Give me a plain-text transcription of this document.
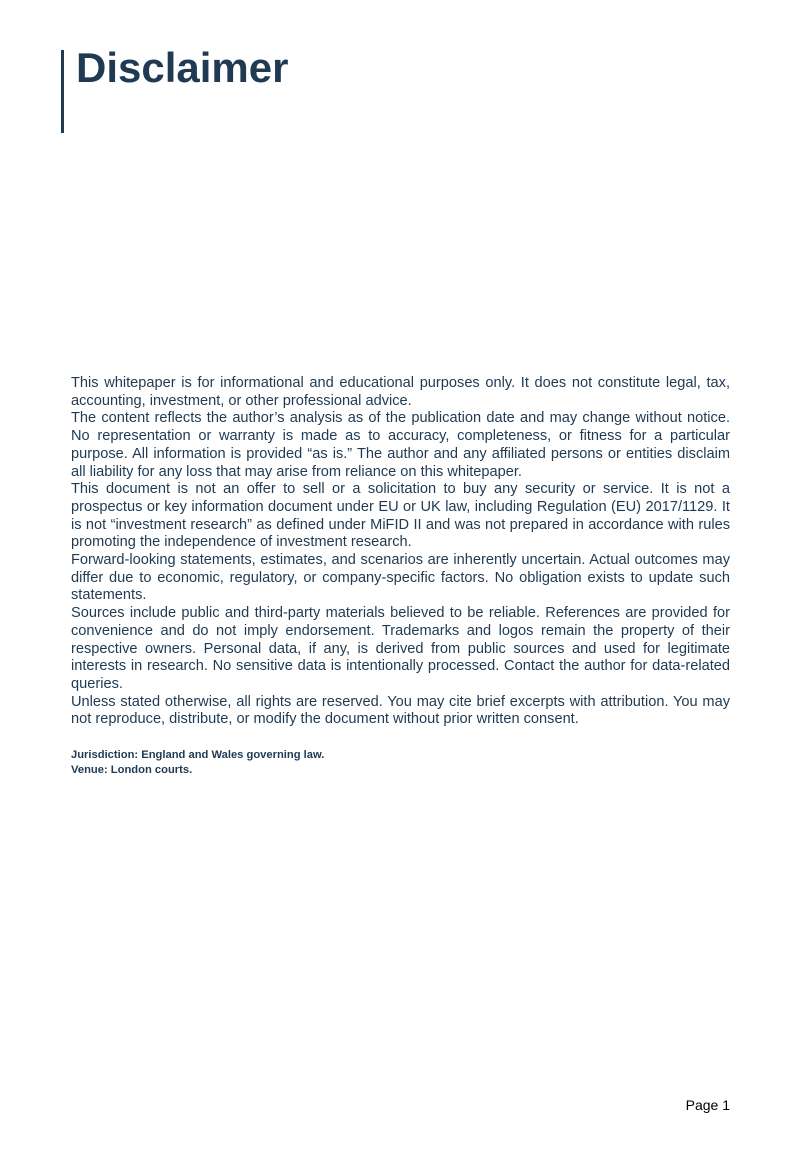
Disclaimer

This whitepaper is for informational and educational purposes only. It does not constitute legal, tax, accounting, investment, or other professional advice.

The content reflects the author’s analysis as of the publication date and may change without notice. No representation or warranty is made as to accuracy, completeness, or fitness for a particular purpose. All information is provided “as is.” The author and any affiliated persons or entities disclaim all liability for any loss that may arise from reliance on this whitepaper.

This document is not an offer to sell or a solicitation to buy any security or service. It is not a prospectus or key information document under EU or UK law, including Regulation (EU) 2017/1129. It is not “investment research” as defined under MiFID II and was not prepared in accordance with rules promoting the independence of investment research.

Forward-looking statements, estimates, and scenarios are inherently uncertain. Actual outcomes may differ due to economic, regulatory, or company-specific factors. No obligation exists to update such statements.

Sources include public and third-party materials believed to be reliable. References are provided for convenience and do not imply endorsement. Trademarks and logos remain the property of their respective owners. Personal data, if any, is derived from public sources and used for legitimate interests in research. No sensitive data is intentionally processed. Contact the author for data-related queries.

Unless stated otherwise, all rights are reserved. You may cite brief excerpts with attribution. You may not reproduce, distribute, or modify the document without prior written consent.

Jurisdiction: England and Wales governing law.

Venue: London courts.

Page 1
